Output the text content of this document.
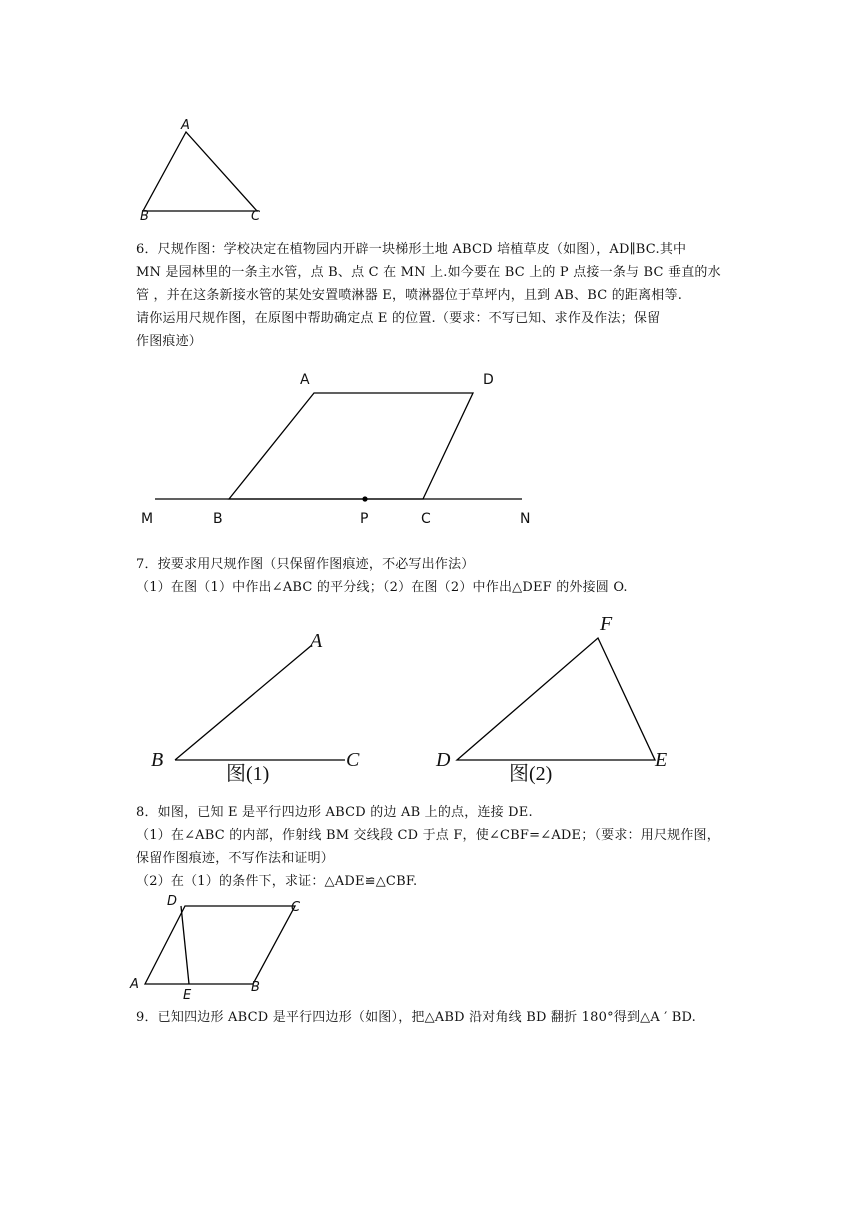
A
B	C

6．尺规作图：学校决定在植物园内开辟一块梯形土地 ABCD 培植草皮（如图），AD∥BC.其中

MN 是园林里的一条主水管，点 B、点 C 在 MN 上.如今要在 BC 上的 P 点接一条与 BC 垂直的水

管 ，并在这条新接水管的某处安置喷淋器 E，喷淋器位于草坪内，且到 AB、BC 的距离相等.

请你运用尺规作图，在原图中帮助确定点 E 的位置.（要求：不写已知、求作及作法；保留

作图痕迹）

A	D
M	B	P	C	N

7．按要求用尺规作图（只保留作图痕迹，不必写出作法）

（1）在图（1）中作出∠ABC 的平分线；（2）在图（2）中作出△DEF 的外接圆 O.

A
B	C
图(1)
F
D	E
图(2)

8．如图，已知 E 是平行四边形 ABCD 的边 AB 上的点，连接 DE.

（1）在∠ABC 的内部，作射线 BM 交线段 CD 于点 F，使∠CBF=∠ADE；（要求：用尺规作图，

保留作图痕迹，不写作法和证明）

（2）在（1）的条件下，求证：△ADE≌△CBF.

D	C
A
E
B

9．已知四边形 ABCD 是平行四边形（如图），把△ABD 沿对角线 BD 翻折 180°得到△A ′ BD.
